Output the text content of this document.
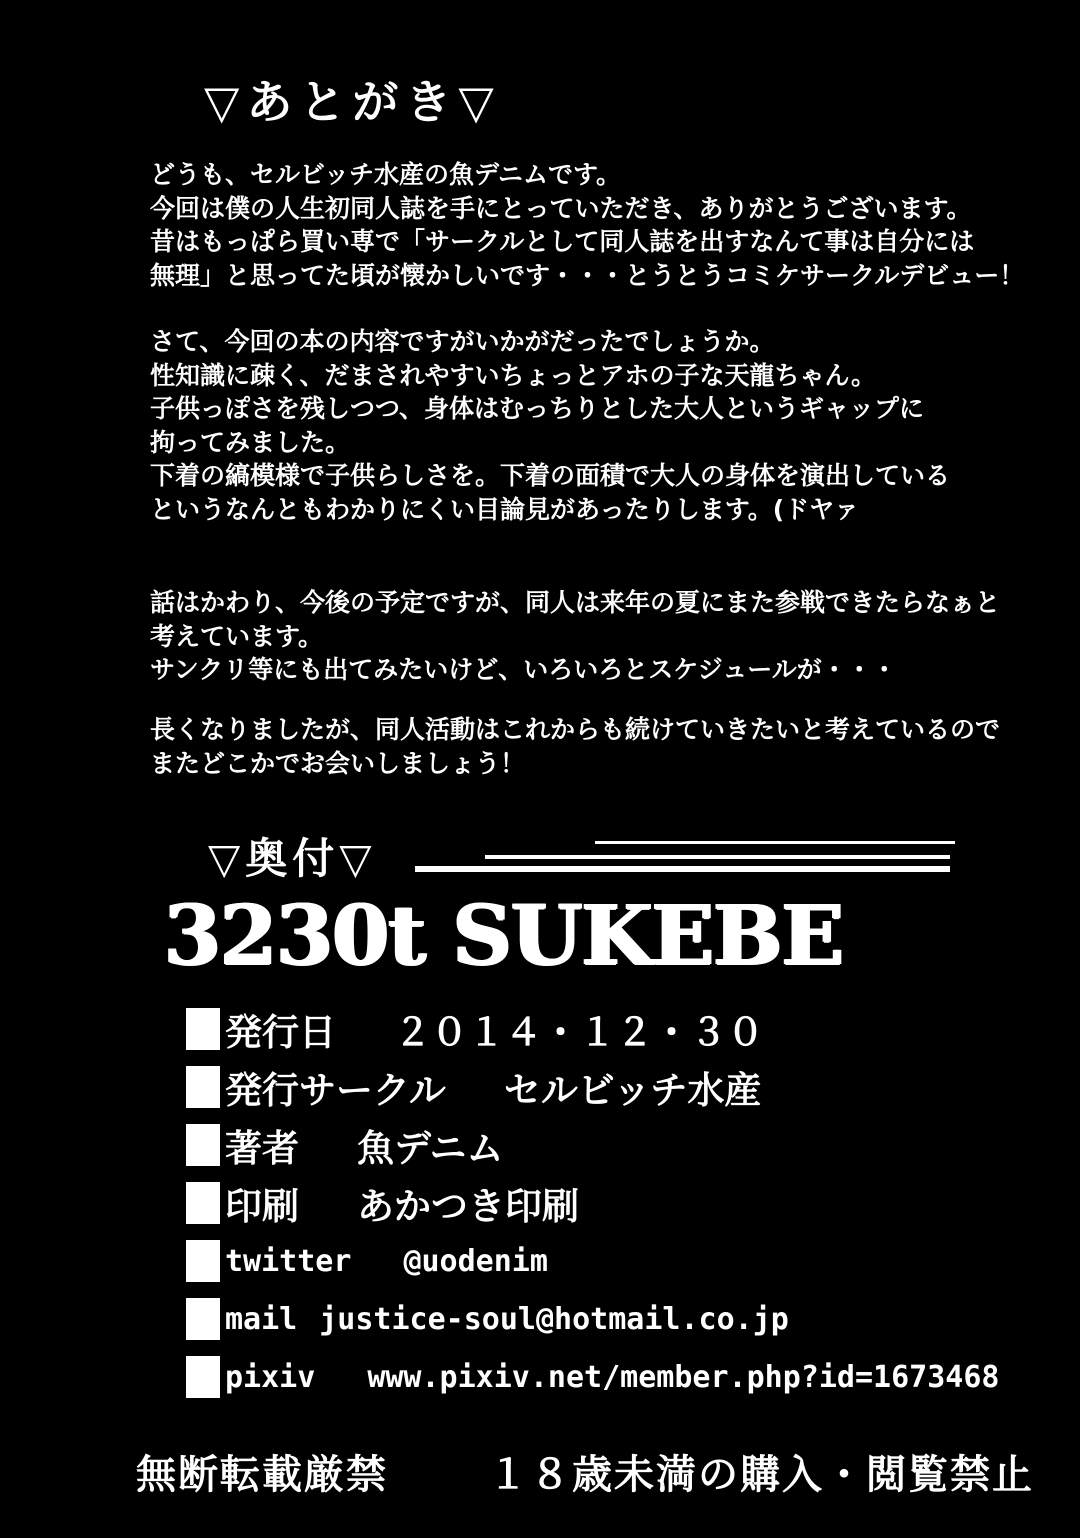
▽あとがき▽
どうも、セルビッチ水産の魚デニムです。
今回は僕の人生初同人誌を手にとっていただき、ありがとうございます。
昔はもっぱら買い専で「サークルとして同人誌を出すなんて事は自分には
無理」と思ってた頃が懐かしいです・・・とうとうコミケサークルデビュー！
さて、今回の本の内容ですがいかがだったでしょうか。
性知識に疎く、だまされやすいちょっとアホの子な天龍ちゃん。
子供っぽさを残しつつ、身体はむっちりとした大人というギャップに
拘ってみました。
下着の縞模様で子供らしさを。下着の面積で大人の身体を演出している
というなんともわかりにくい目論見があったりします。(ドヤァ
話はかわり、今後の予定ですが、同人は来年の夏にまた参戦できたらなぁと
考えています。
サンクリ等にも出てみたいけど、いろいろとスケジュールが・・・
長くなりましたが、同人活動はこれからも続けていきたいと考えているので
またどこかでお会いしましょう！
▽奥付▽
3230t SUKEBE
発行日 ２０１４・１２・３０
発行サークル セルビッチ水産
著者 魚デニム
印刷 あかつき印刷
twitter @uodenim
mail justice-soul@hotmail.co.jp
pixiv www.pixiv.net/member.php?id=1673468
無断転載厳禁	１８歳未満の購入・閲覧禁止
